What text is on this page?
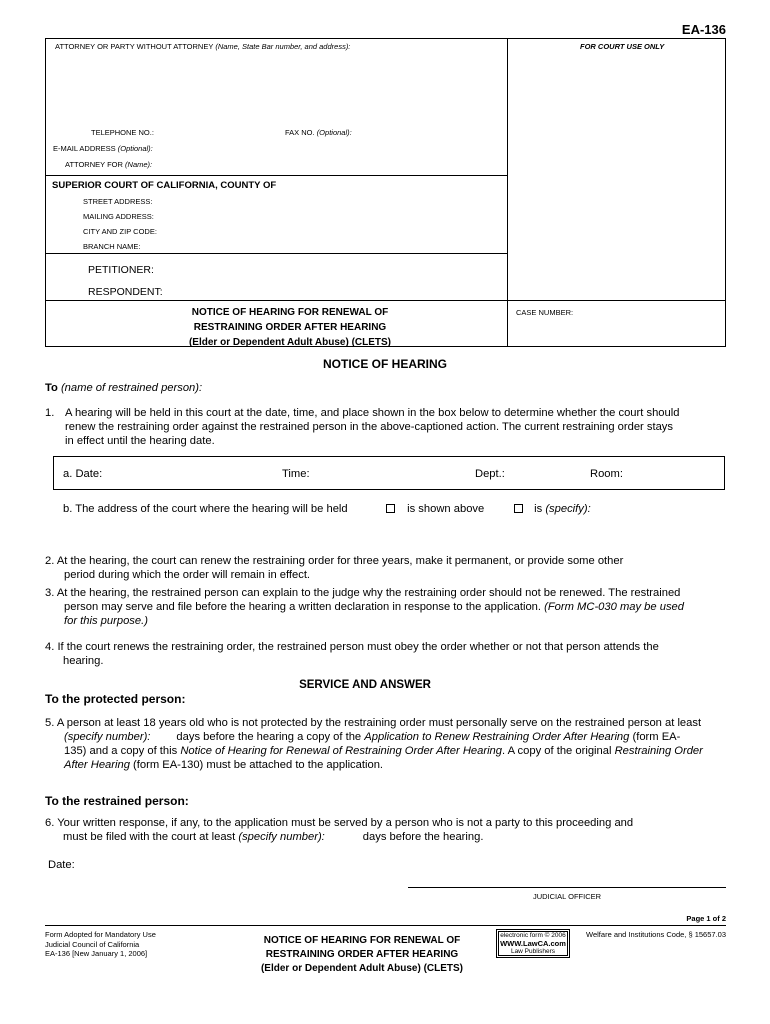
EA-136
ATTORNEY OR PARTY WITHOUT ATTORNEY (Name, State Bar number, and address):	FOR COURT USE ONLY
TELEPHONE NO.:	FAX NO. (Optional):
E-MAIL ADDRESS (Optional):
ATTORNEY FOR (Name):
SUPERIOR COURT OF CALIFORNIA, COUNTY OF
STREET ADDRESS:
MAILING ADDRESS:
CITY AND ZIP CODE:
BRANCH NAME:
PETITIONER:
RESPONDENT:
NOTICE OF HEARING FOR RENEWAL OF
RESTRAINING ORDER AFTER HEARING
(Elder or Dependent Adult Abuse) (CLETS)
CASE NUMBER:
NOTICE OF HEARING
To (name of restrained person):
1. A hearing will be held in this court at the date, time, and place shown in the box below to determine whether the court should
renew the restraining order against the restrained person in the above-captioned action. The current restraining order stays
in effect until the hearing date.
a. Date:	Time:	Dept.:	Room:
b. The address of the court where the hearing will be held	is shown above	is (specify):
2. At the hearing, the court can renew the restraining order for three years, make it permanent, or provide some other
period during which the order will remain in effect.
3. At the hearing, the restrained person can explain to the judge why the restraining order should not be renewed. The restrained
person may serve and file before the hearing a written declaration in response to the application. (Form MC-030 may be used
for this purpose.)
4. If the court renews the restraining order, the restrained person must obey the order whether or not that person attends the
hearing.
SERVICE AND ANSWER
To the protected person:
5. A person at least 18 years old who is not protected by the restraining order must personally serve on the restrained person at least
(specify number): days before the hearing a copy of the Application to Renew Restraining Order After Hearing (form EA-
135) and a copy of this Notice of Hearing for Renewal of Restraining Order After Hearing. A copy of the original Restraining Order
After Hearing (form EA-130) must be attached to the application.
To the restrained person:
6. Your written response, if any, to the application must be served by a person who is not a party to this proceeding and
must be filed with the court at least (specify number):	days before the hearing.
Date:
JUDICIAL OFFICER
Page 1 of 2
Form Adopted for Mandatory Use
Judicial Council of California
EA-136 [New January 1, 2006]
NOTICE OF HEARING FOR RENEWAL OF
RESTRAINING ORDER AFTER HEARING
(Elder or Dependent Adult Abuse) (CLETS)
electronic form © 2006
WWW.LawCA.com
Law Publishers
Welfare and Institutions Code, § 15657.03
